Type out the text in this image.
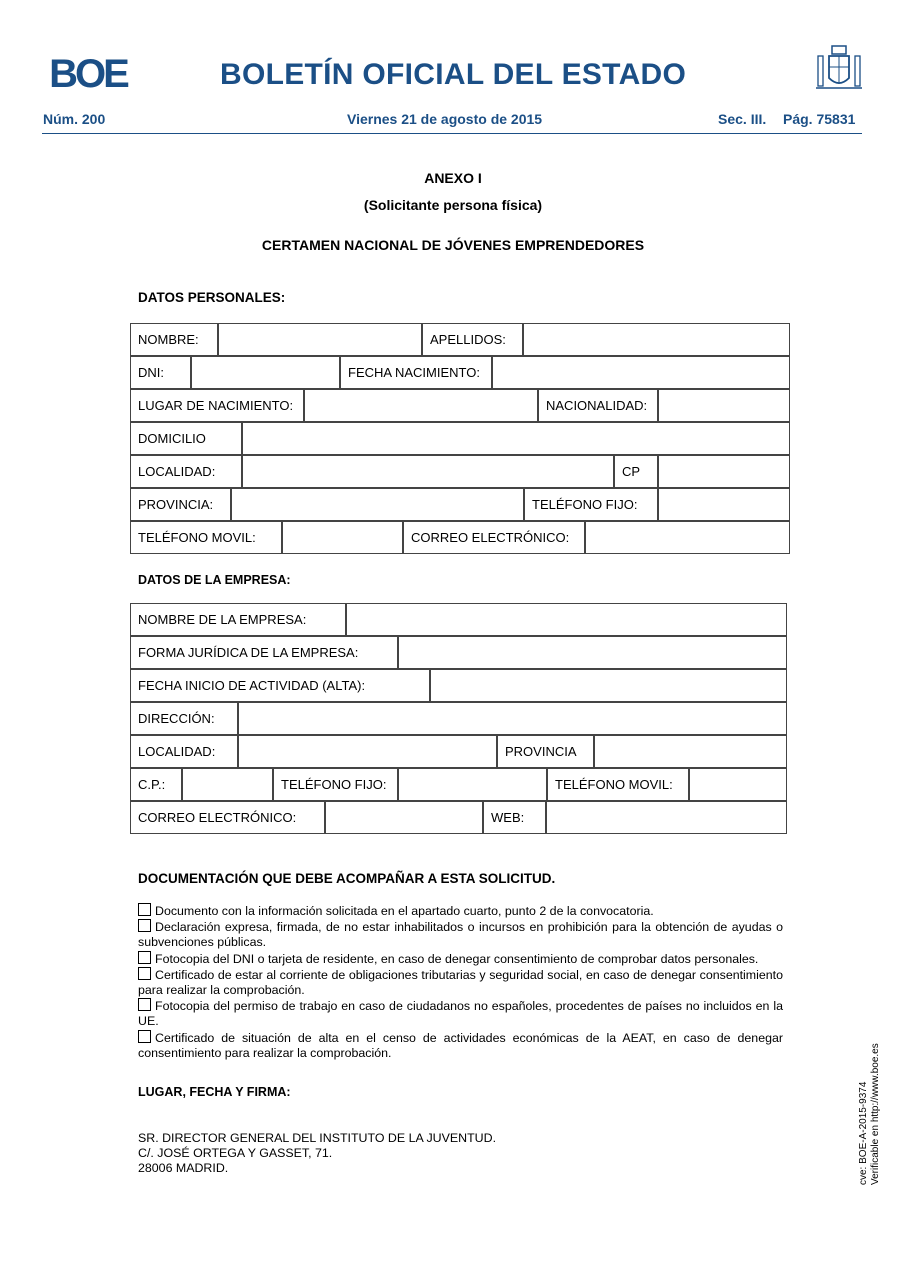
BOE	BOLETÍN OFICIAL DEL ESTADO
Núm. 200	Viernes 21 de agosto de 2015	Sec. III. Pág. 75831
ANEXO I
(Solicitante persona física)
CERTAMEN NACIONAL DE JÓVENES EMPRENDEDORES
DATOS PERSONALES:
DATOS DE LA EMPRESA:
DOCUMENTACIÓN QUE DEBE ACOMPAÑAR A ESTA SOLICITUD.

Documento con la información solicitada en el apartado cuarto, punto 2 de la convocatoria.

Declaración expresa, firmada, de no estar inhabilitados o incursos en prohibición para la obtención de ayudas o subvenciones públicas.

Fotocopia del DNI o tarjeta de residente, en caso de denegar consentimiento de comprobar datos personales.

Certificado de estar al corriente de obligaciones tributarias y seguridad social, en caso de denegar consentimiento para realizar la comprobación.

Fotocopia del permiso de trabajo en caso de ciudadanos no españoles, procedentes de países no incluidos en la UE.

Certificado de situación de alta en el censo de actividades económicas de la AEAT, en caso de denegar consentimiento para realizar la comprobación.

LUGAR, FECHA Y FIRMA:
SR. DIRECTOR GENERAL DEL INSTITUTO DE LA JUVENTUD.
C/. JOSÉ ORTEGA Y GASSET, 71.
28006 MADRID.	cve: BOE-A-2015-9374 Verificable en http://www.boe.es
NOMBRE:	APELLIDOS:
DNI:	FECHA NACIMIENTO:
LUGAR DE NACIMIENTO:	NACIONALIDAD:
DOMICILIO
LOCALIDAD:	CP
PROVINCIA:	TELÉFONO FIJO:
TELÉFONO MOVIL:	CORREO ELECTRÓNICO:
NOMBRE DE LA EMPRESA:
FORMA JURÍDICA DE LA EMPRESA:
FECHA INICIO DE ACTIVIDAD (ALTA):
DIRECCIÓN:
LOCALIDAD:	PROVINCIA
C.P.:	TELÉFONO FIJO:	TELÉFONO MOVIL:
CORREO ELECTRÓNICO:	WEB:
